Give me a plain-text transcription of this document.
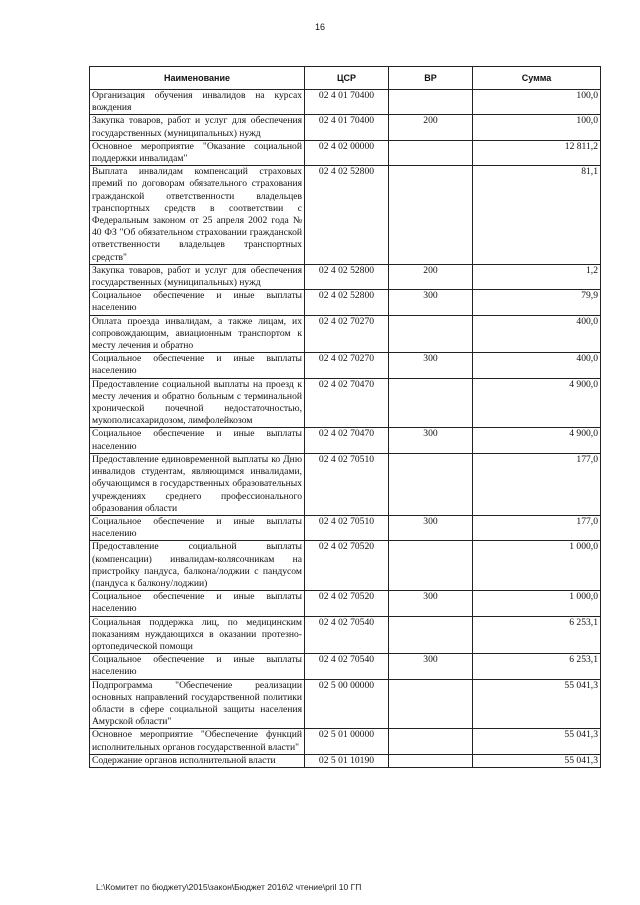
16
Наименование	ЦСР	ВР	Сумма
Организация обучения инвалидов на курсах вождения	02 4 01 70400		100,0
Закупка товаров, работ и услуг для обеспечения государственных (муниципальных) нужд	02 4 01 70400	200	100,0
Основное мероприятие "Оказание социальной поддержки инвалидам"	02 4 02 00000		12 811,2
Выплата инвалидам компенсаций страховых премий по договорам обязательного страхования гражданской ответственности владельцев транспортных средств в соответствии с Федеральным законом от 25 апреля 2002 года № 40 ФЗ "Об обязательном страховании гражданской ответственности владельцев транспортных средств"	02 4 02 52800		81,1
Закупка товаров, работ и услуг для обеспечения государственных (муниципальных) нужд	02 4 02 52800	200	1,2
Социальное обеспечение и иные выплаты населению	02 4 02 52800	300	79,9
Оплата проезда инвалидам, а также лицам, их сопровождающим, авиационным транспортом к месту лечения и обратно	02 4 02 70270		400,0
Социальное обеспечение и иные выплаты населению	02 4 02 70270	300	400,0
Предоставление социальной выплаты на проезд к месту лечения и обратно больным с терминальной хронической почечной недостаточностью, мукополисахаридозом, лимфолейкозом	02 4 02 70470		4 900,0
Социальное обеспечение и иные выплаты населению	02 4 02 70470	300	4 900,0
Предоставление единовременной выплаты ко Дню инвалидов студентам, являющимся инвалидами, обучающимся в государственных образовательных учреждениях среднего профессионального образования области	02 4 02 70510		177,0
Социальное обеспечение и иные выплаты населению	02 4 02 70510	300	177,0
Предоставление социальной выплаты (компенсации) инвалидам-колясочникам на пристройку пандуса, балкона/лоджии с пандусом (пандуса к балкону/лоджии)	02 4 02 70520		1 000,0
Социальное обеспечение и иные выплаты населению	02 4 02 70520	300	1 000,0
Социальная поддержка лиц, по медицинским показаниям нуждающихся в оказании протезно-ортопедической помощи	02 4 02 70540		6 253,1
Социальное обеспечение и иные выплаты населению	02 4 02 70540	300	6 253,1
Подпрограмма "Обеспечение реализации основных направлений государственной политики области в сфере социальной защиты населения Амурской области"	02 5 00 00000		55 041,3
Основное мероприятие "Обеспечение функций исполнительных органов государственной власти"	02 5 01 00000		55 041,3
Содержание органов исполнительной власти	02 5 01 10190		55 041,3
L:\Комитет по бюджету\2015\закон\Бюджет 2016\2 чтение\pril 10 ГП
